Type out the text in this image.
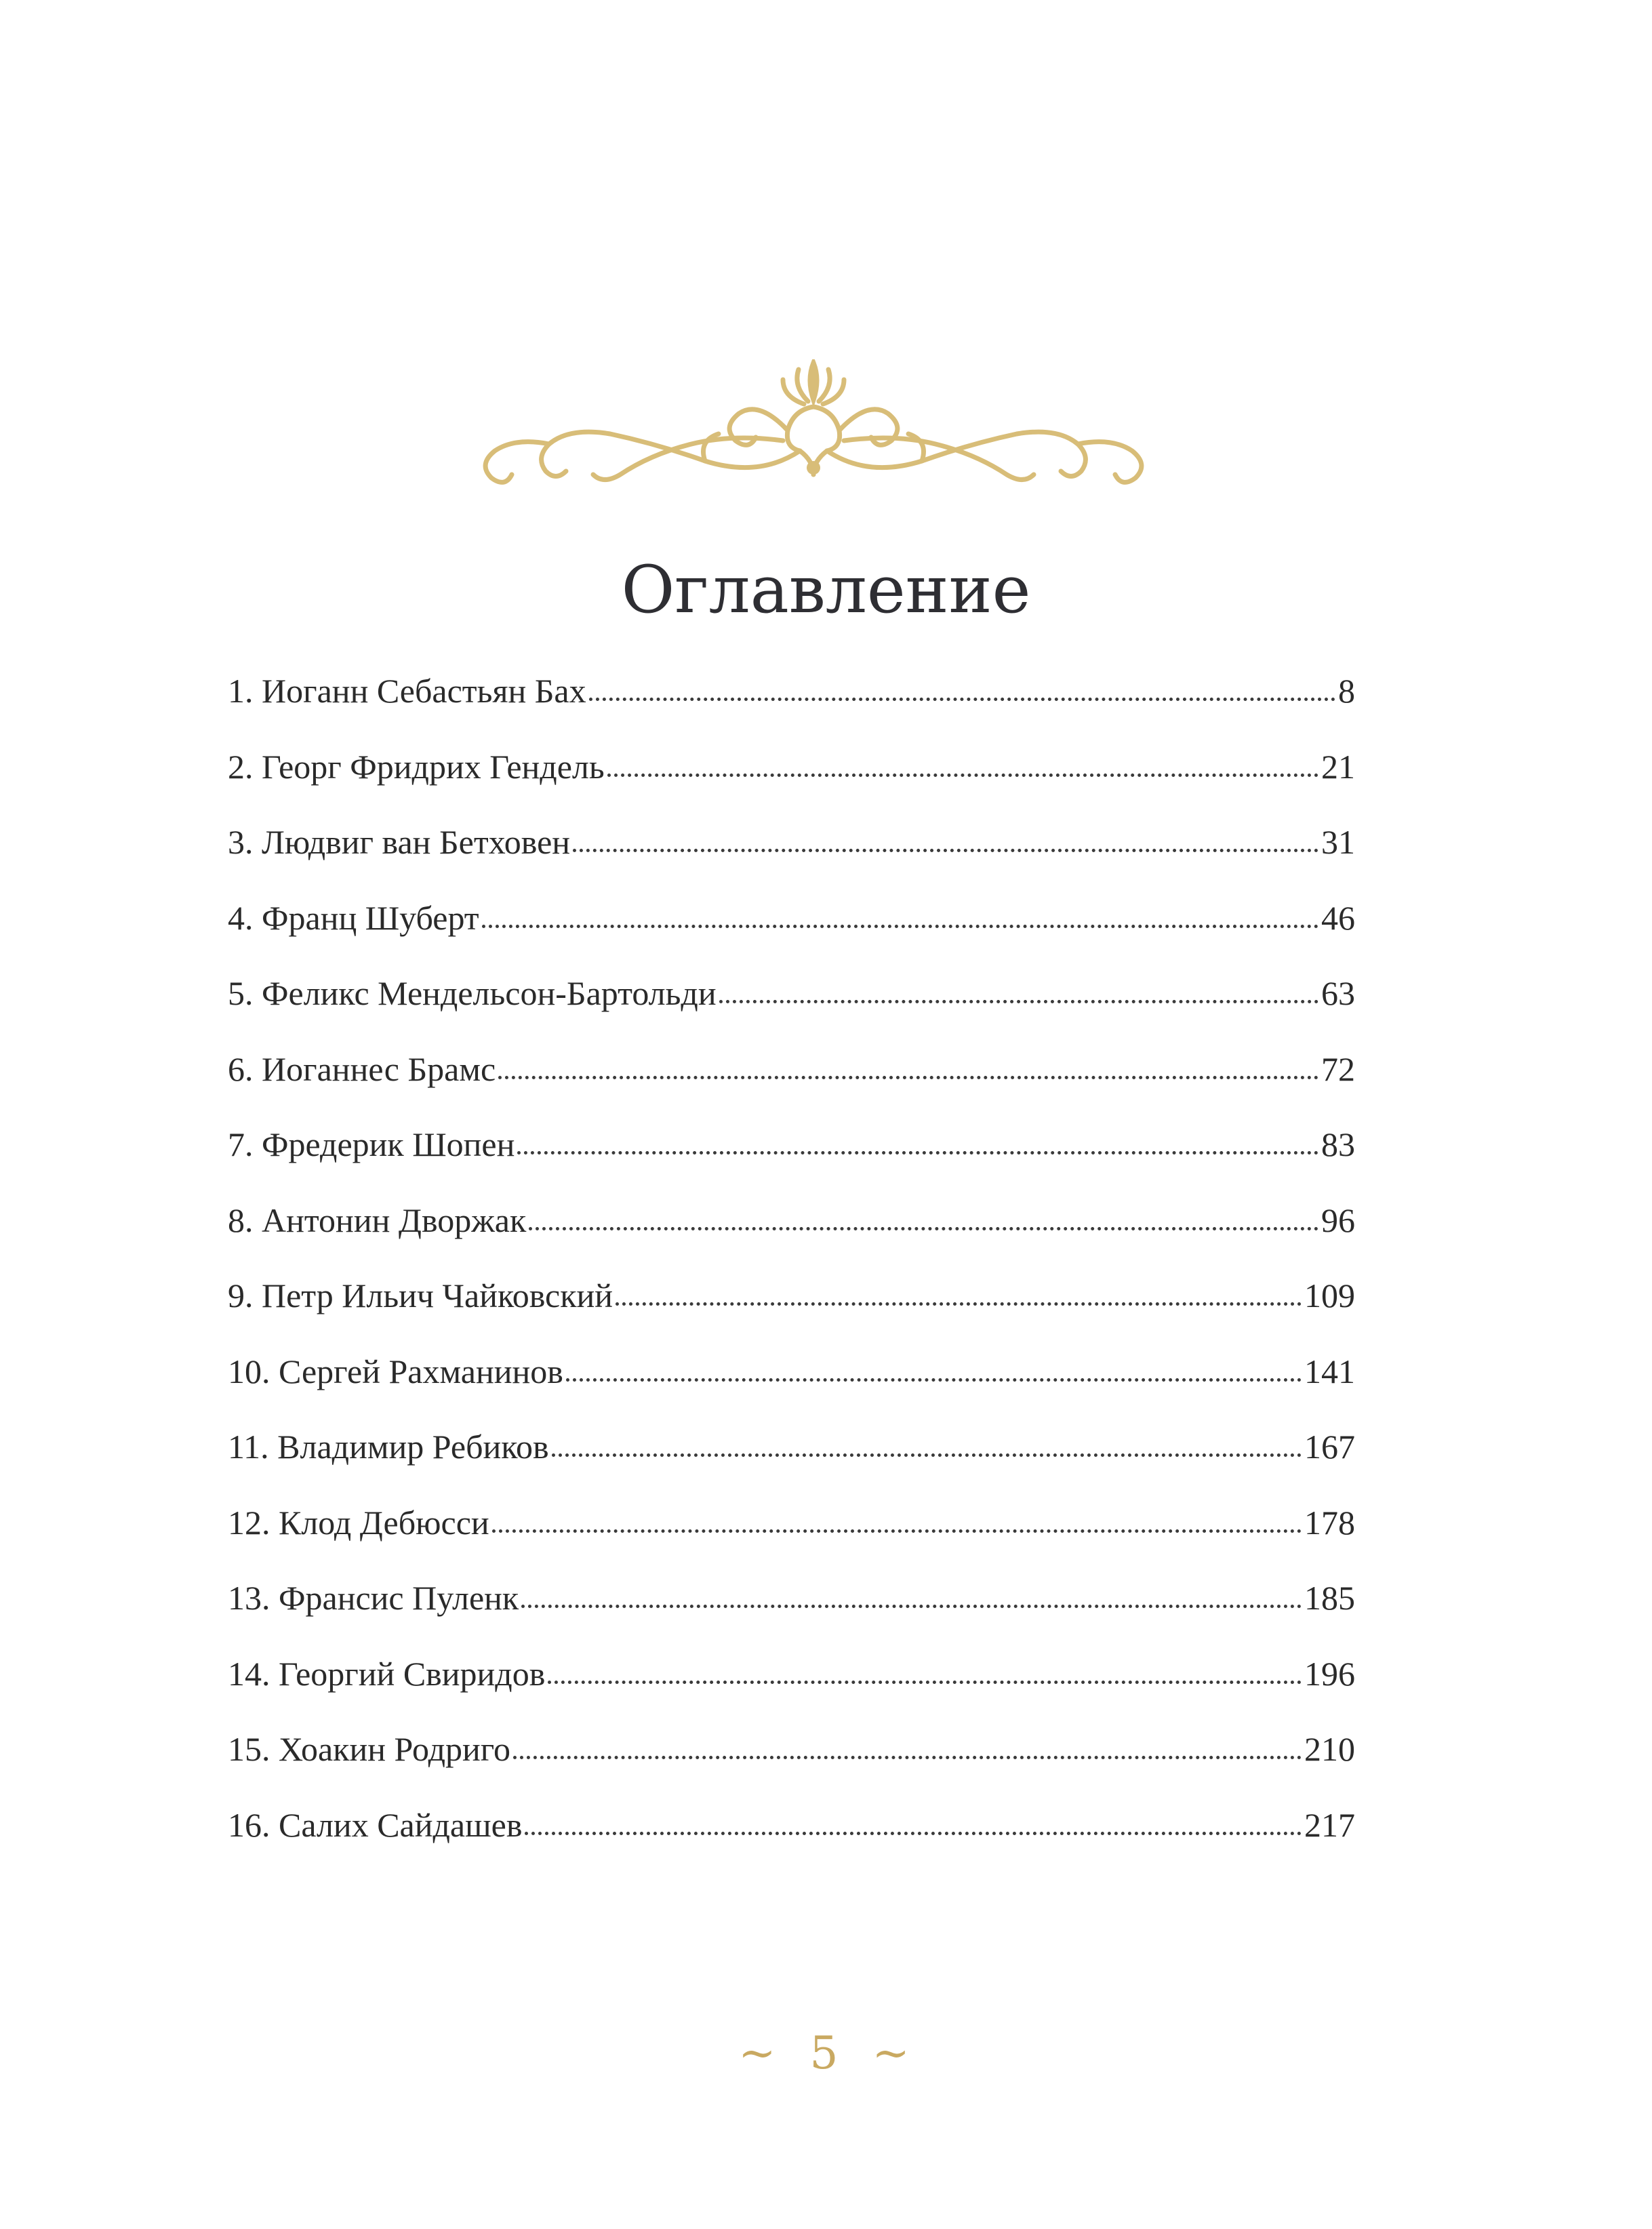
Оглавление
1. Иоганн Себастьян Бах	8
2. Георг Фридрих Гендель	21
3. Людвиг ван Бетховен	31
4. Франц Шуберт	46
5. Феликс Мендельсон-Бартольди	63
6. Иоганнес Брамс	72
7. Фредерик Шопен	83
8. Антонин Дворжак	96
9. Петр Ильич Чайковский	109
10. Сергей Рахманинов	141
11. Владимир Ребиков	167
12. Клод Дебюсси	178
13. Франсис Пуленк	185
14. Георгий Свиридов	196
15. Хоакин Родриго	210
16. Салих Сайдашев	217
~ 5 ~
